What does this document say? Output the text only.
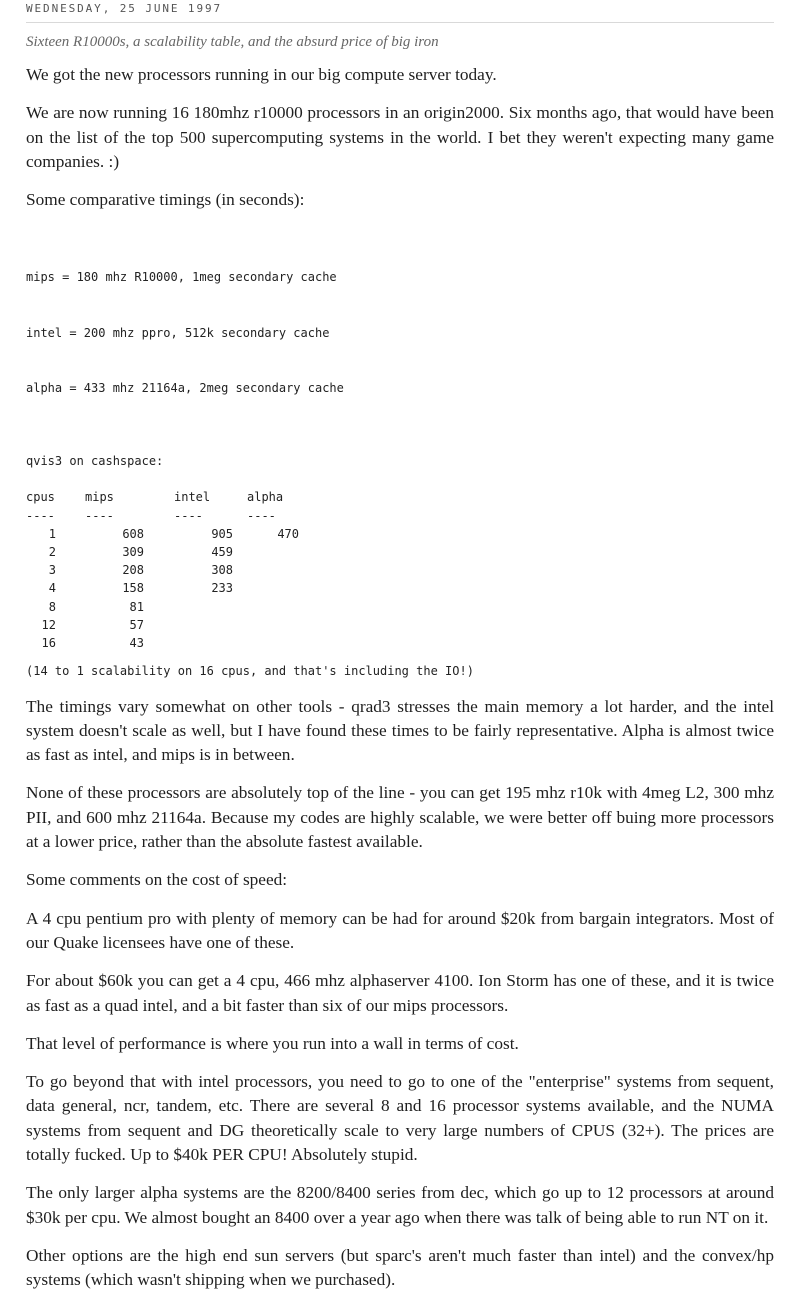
WEDNESDAY, 25 JUNE 1997
Sixteen R10000s, a scalability table, and the absurd price of big iron

We got the new processors running in our big compute server today.

We are now running 16 180mhz r10000 processors in an origin2000. Six months ago, that would have been on the list of the top 500 supercomputing systems in the world. I bet they weren't expecting many game companies. :)

Some comparative timings (in seconds):

mips = 180 mhz R10000, 1meg secondary cache

intel = 200 mhz ppro, 512k secondary cache

alpha = 433 mhz 21164a, 2meg secondary cache

qvis3 on cashspace:
cpus	mips	intel	alpha
----	----	----	----
1	608	905	470
2	309	459	
3	208	308	
4	158	233	
8	81		
12	57		
16	43		
(14 to 1 scalability on 16 cpus, and that's including the IO!)

The timings vary somewhat on other tools - qrad3 stresses the main memory a lot harder, and the intel system doesn't scale as well, but I have found these times to be fairly representative. Alpha is almost twice as fast as intel, and mips is in between.

None of these processors are absolutely top of the line - you can get 195 mhz r10k with 4meg L2, 300 mhz PII, and 600 mhz 21164a. Because my codes are highly scalable, we were better off buing more processors at a lower price, rather than the absolute fastest available.

Some comments on the cost of speed:

A 4 cpu pentium pro with plenty of memory can be had for around $20k from bargain integrators. Most of our Quake licensees have one of these.

For about $60k you can get a 4 cpu, 466 mhz alphaserver 4100. Ion Storm has one of these, and it is twice as fast as a quad intel, and a bit faster than six of our mips processors.

That level of performance is where you run into a wall in terms of cost.

To go beyond that with intel processors, you need to go to one of the "enterprise" systems from sequent, data general, ncr, tandem, etc. There are several 8 and 16 processor systems available, and the NUMA systems from sequent and DG theoretically scale to very large numbers of CPUS (32+). The prices are totally fucked. Up to $40k PER CPU! Absolutely stupid.

The only larger alpha systems are the 8200/8400 series from dec, which go up to 12 processors at around $30k per cpu. We almost bought an 8400 over a year ago when there was talk of being able to run NT on it.

Other options are the high end sun servers (but sparc's aren't much faster than intel) and the convex/hp systems (which wasn't shipping when we purchased).
